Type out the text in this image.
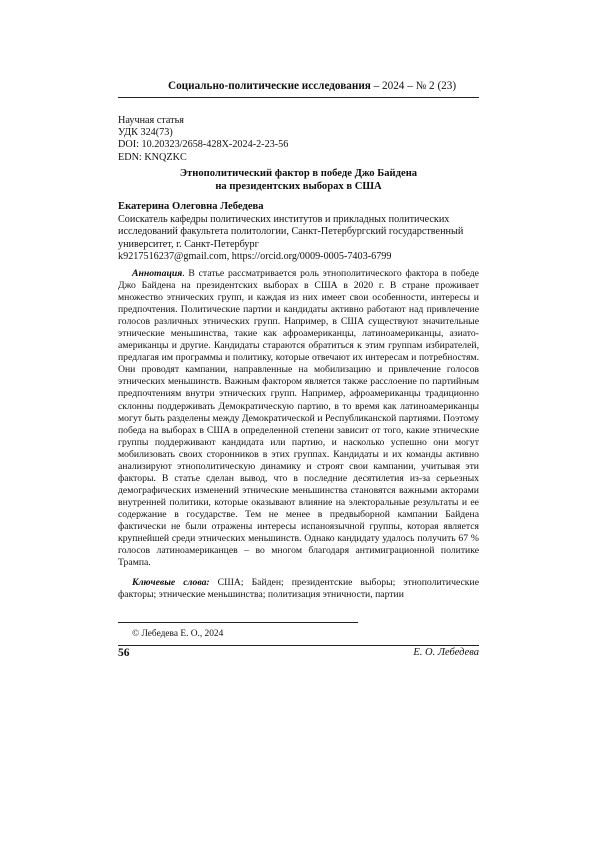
Социально-политические исследования – 2024 – № 2 (23)
Научная статья
УДК 324(73)
DOI: 10.20323/2658-428X-2024-2-23-56
EDN: KNQZKC
Этнополитический фактор в победе Джо Байдена
на президентских выборах в США
Екатерина Олеговна Лебедева
Соискатель кафедры политических институтов и прикладных политических исследований факультета политологии, Санкт-Петербургский государственный университет, г. Санкт-Петербург
k9217516237@gmail.com, https://orcid.org/0009-0005-7403-6799
Аннотация. В статье рассматривается роль этнополитического фактора в победе Джо Байдена на президентских выборах в США в 2020 г. В стране проживает множество этнических групп, и каждая из них имеет свои особенности, интересы и предпочтения. Политические партии и кандидаты активно работают над привлечение голосов различных этнических групп. Например, в США существуют значительные этнические меньшинства, такие как афроамериканцы, латиноамериканцы, азиато-американцы и другие. Кандидаты стараются обратиться к этим группам избирателей, предлагая им программы и политику, которые отвечают их интересам и потребностям. Они проводят кампании, направленные на мобилизацию и привлечение голосов этнических меньшинств. Важным фактором является также расслоение по партийным предпочтениям внутри этнических групп. Например, афроамериканцы традиционно склонны поддерживать Демократическую партию, в то время как латиноамериканцы могут быть разделены между Демократической и Республиканской партиями. Поэтому победа на выборах в США в определенной степени зависит от того, какие этнические группы поддерживают кандидата или партию, и насколько успешно они могут мобилизовать своих сторонников в этих группах. Кандидаты и их команды активно анализируют этнополитическую динамику и строят свои кампании, учитывая эти факторы. В статье сделан вывод, что в последние десятилетия из-за серьезных демографических изменений этнические меньшинства становятся важными акторами внутренней политики, которые оказывают влияние на электоральные результаты и ее содержание в государстве. Тем не менее в предвыборной кампании Байдена фактически не были отражены интересы испаноязычной группы, которая является крупнейшей среди этнических меньшинств. Однако кандидату удалось получить 67 % голосов латиноамериканцев – во многом благодаря антимиграционной политике Трампа.
Ключевые слова: США; Байден; президентские выборы; этнополитические факторы; этнические меньшинства; политизация этничности, партии
© Лебедева Е. О., 2024
56	Е. О. Лебедева
